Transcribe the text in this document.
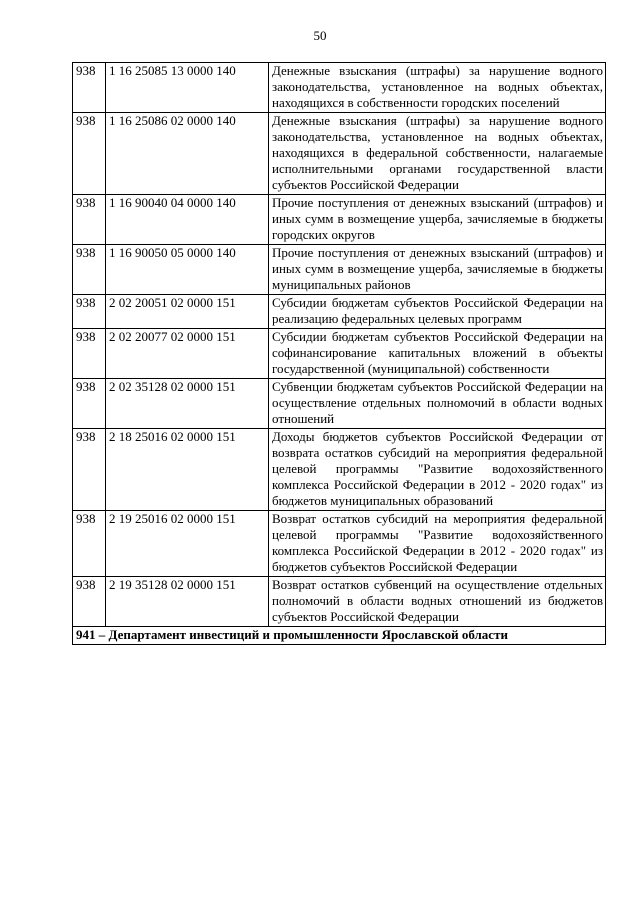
50
938	1 16 25085 13 0000 140	Денежные взыскания (штрафы) за нарушение водного законодательства, установленное на водных объектах, находящихся в собственности городских поселений
938	1 16 25086 02 0000 140	Денежные взыскания (штрафы) за нарушение водного законодательства, установленное на водных объектах, находящихся в федеральной собственности, налагаемые исполнительными органами государственной власти субъектов Российской Федерации
938	1 16 90040 04 0000 140	Прочие поступления от денежных взысканий (штрафов) и иных сумм в возмещение ущерба, зачисляемые в бюджеты городских округов
938	1 16 90050 05 0000 140	Прочие поступления от денежных взысканий (штрафов) и иных сумм в возмещение ущерба, зачисляемые в бюджеты муниципальных районов
938	2 02 20051 02 0000 151	Субсидии бюджетам субъектов Российской Федерации на реализацию федеральных целевых программ
938	2 02 20077 02 0000 151	Субсидии бюджетам субъектов Российской Федерации на софинансирование капитальных вложений в объекты государственной (муниципальной) собственности
938	2 02 35128 02 0000 151	Субвенции бюджетам субъектов Российской Федерации на осуществление отдельных полномочий в области водных отношений
938	2 18 25016 02 0000 151	Доходы бюджетов субъектов Российской Федерации от возврата остатков субсидий на мероприятия федеральной целевой программы "Развитие водохозяйственного комплекса Российской Федерации в 2012 - 2020 годах" из бюджетов муниципальных образований
938	2 19 25016 02 0000 151	Возврат остатков субсидий на мероприятия федеральной целевой программы "Развитие водохозяйственного комплекса Российской Федерации в 2012 - 2020 годах" из бюджетов субъектов Российской Федерации
938	2 19 35128 02 0000 151	Возврат остатков субвенций на осуществление отдельных полномочий в области водных отношений из бюджетов субъектов Российской Федерации
941 – Департамент инвестиций и промышленности Ярославской области		
